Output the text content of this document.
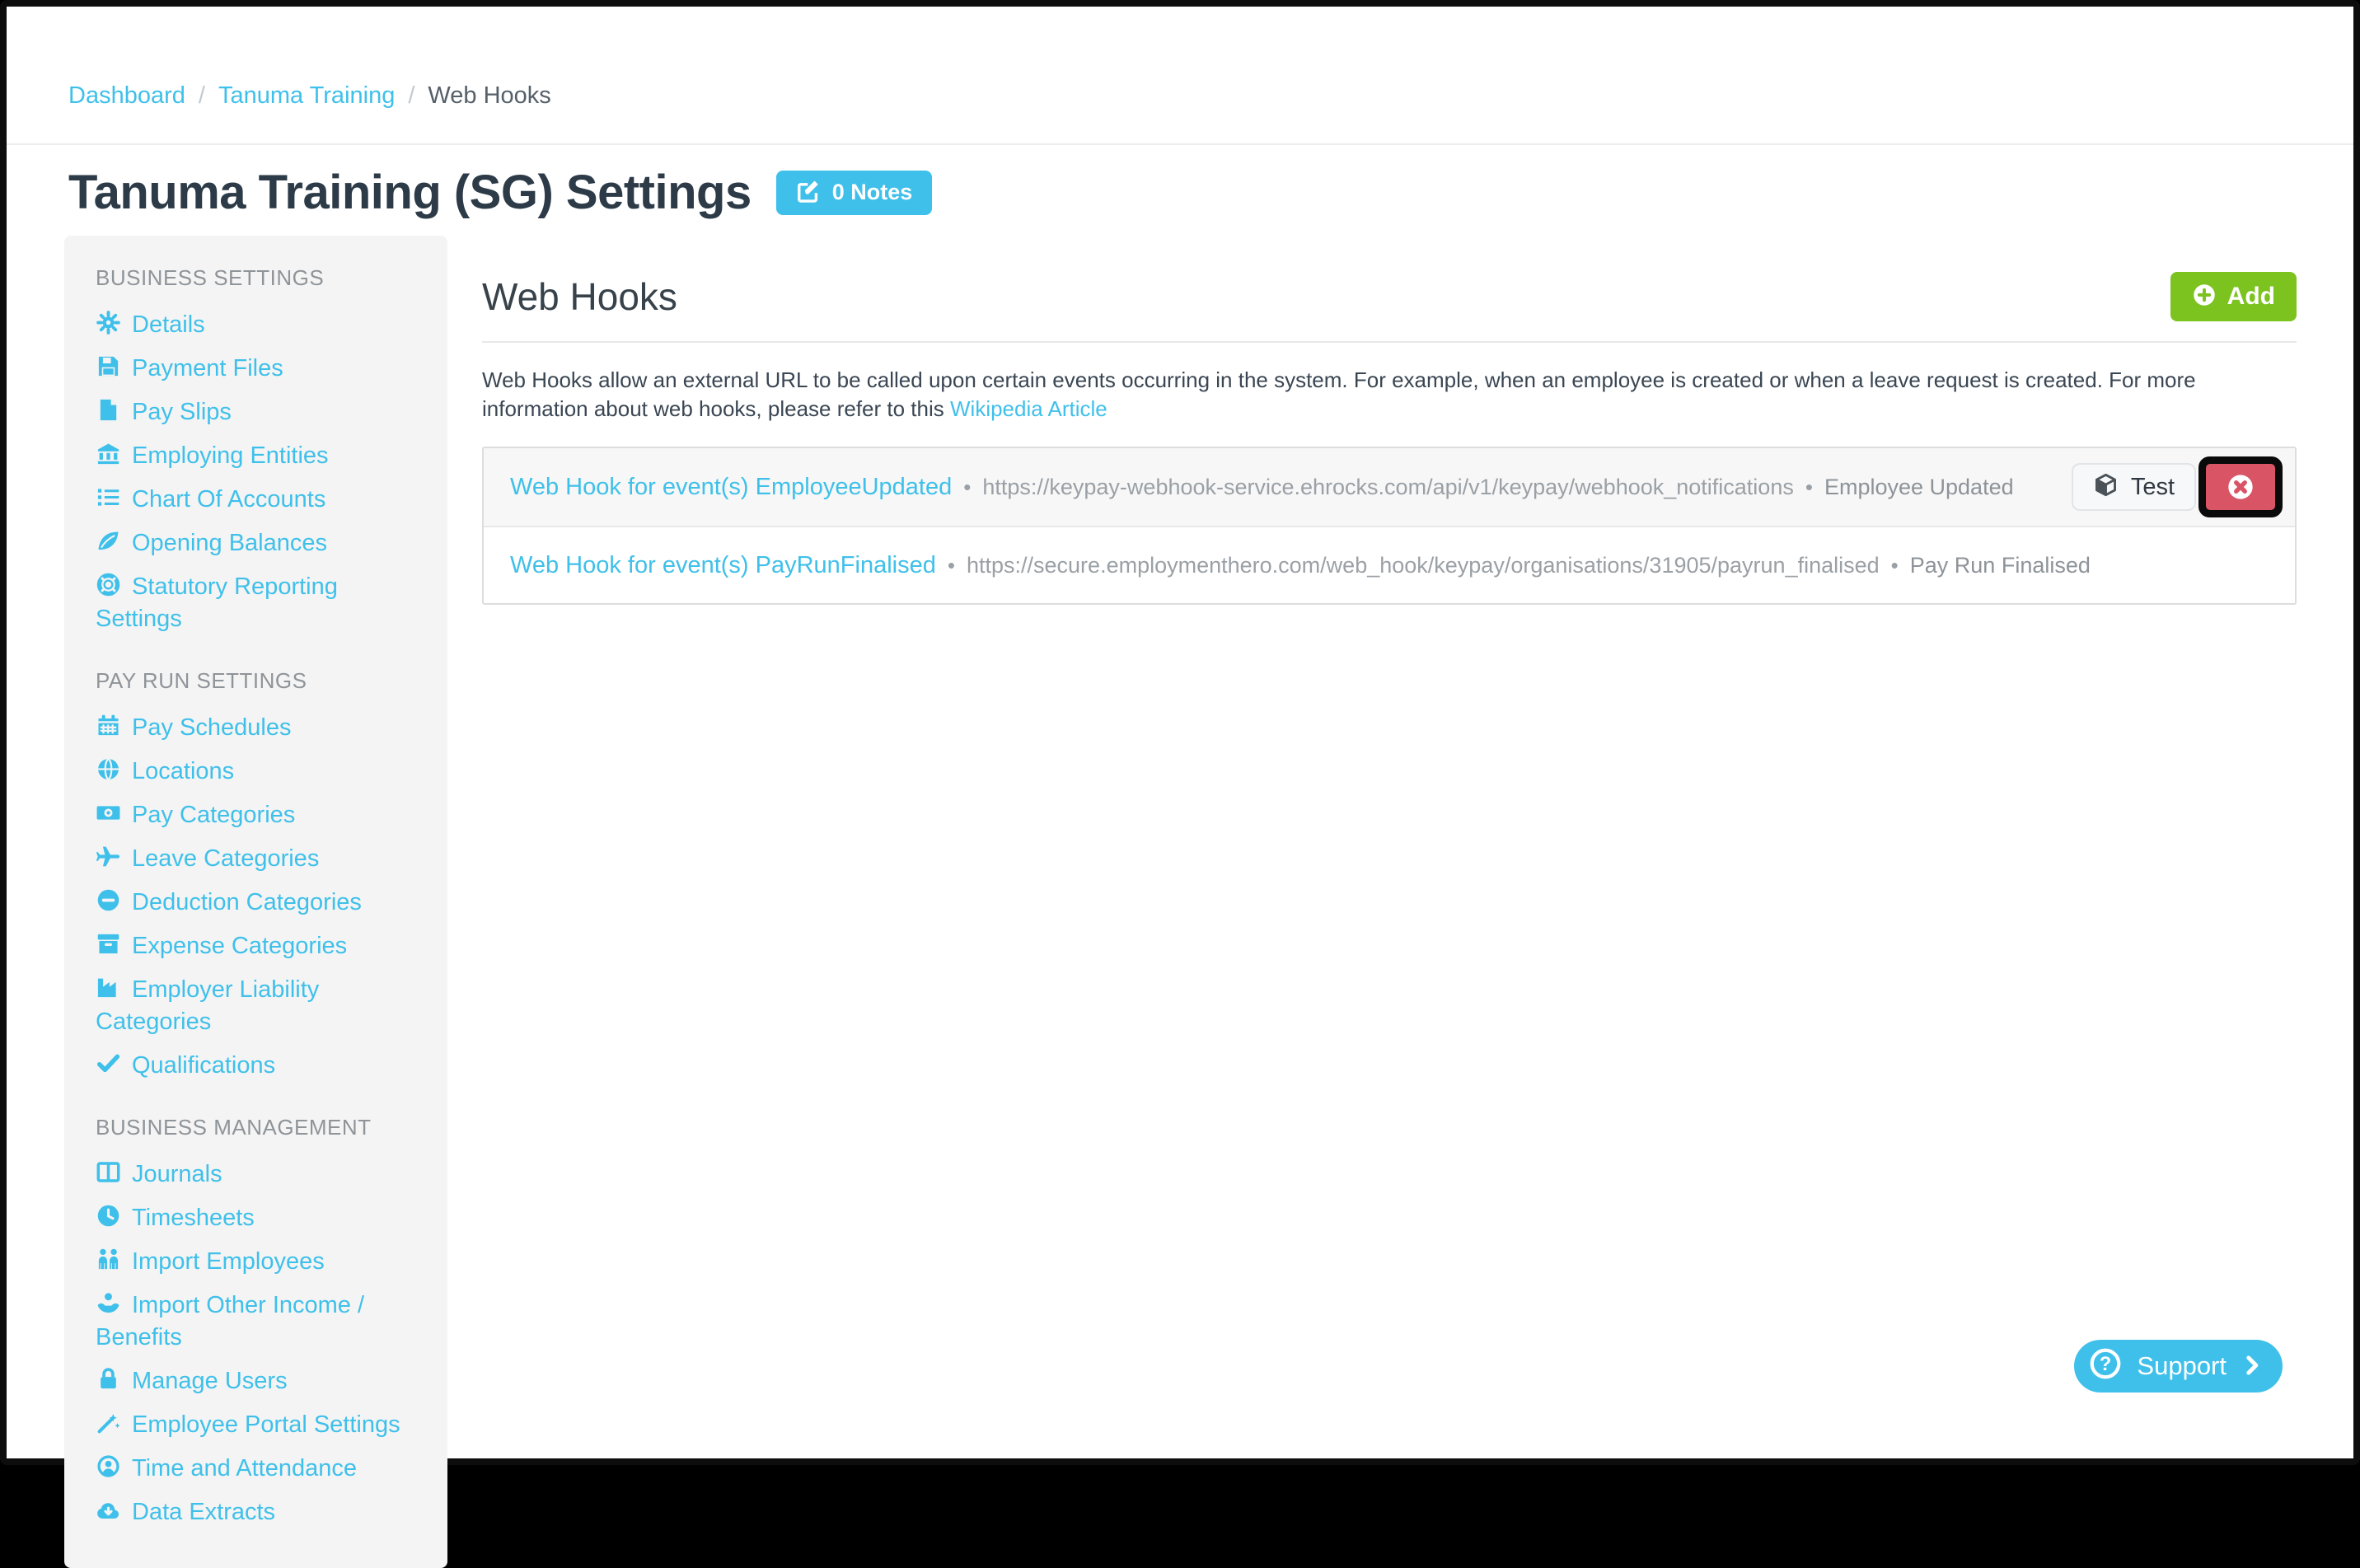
Dashboard / Tanuma Training / Web Hooks
Tanuma Training (SG) Settings	0 Notes
BUSINESS SETTINGS
Details
Payment Files
Pay Slips
Employing Entities
Chart Of Accounts
Opening Balances
Statutory Reporting Settings
PAY RUN SETTINGS
Pay Schedules
Locations
Pay Categories
Leave Categories
Deduction Categories
Expense Categories
Employer Liability Categories
Qualifications
BUSINESS MANAGEMENT
Journals
Timesheets
Import Employees
Import Other Income / Benefits
Manage Users
Employee Portal Settings
Time and Attendance
Data Extracts
Web Hooks	Add

Web Hooks allow an external URL to be called upon certain events occurring in the system. For example, when an employee is created or when a leave request is created. For more information about web hooks, please refer to this Wikipedia Article

Web Hook for event(s) EmployeeUpdated • https://keypay-webhook-service.ehrocks.com/api/v1/keypay/webhook_notifications • Employee Updated	Test
Web Hook for event(s) PayRunFinalised • https://secure.employmenthero.com/web_hook/keypay/organisations/31905/payrun_finalised • Pay Run Finalised
? Support
